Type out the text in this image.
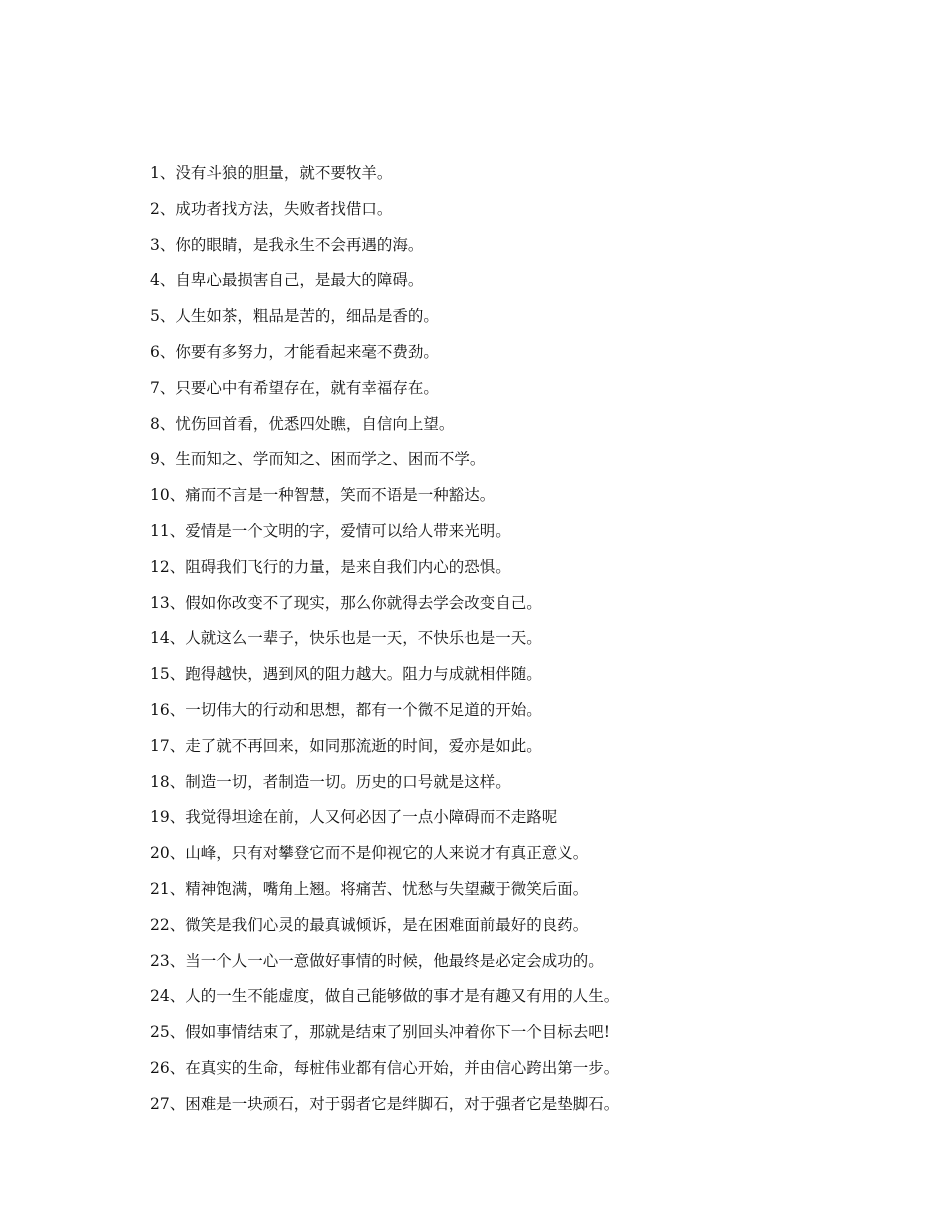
1、没有斗狼的胆量，就不要牧羊。
2、成功者找方法，失败者找借口。
3、你的眼睛，是我永生不会再遇的海。
4、自卑心最损害自己，是最大的障碍。
5、人生如茶，粗品是苦的，细品是香的。
6、你要有多努力，才能看起来毫不费劲。
7、只要心中有希望存在，就有幸福存在。
8、忧伤回首看，优悉四处瞧，自信向上望。
9、生而知之、学而知之、困而学之、困而不学。
10、痛而不言是一种智慧，笑而不语是一种豁达。
11、爱情是一个文明的字，爱情可以给人带来光明。
12、阻碍我们飞行的力量，是来自我们内心的恐惧。
13、假如你改变不了现实，那么你就得去学会改变自己。
14、人就这么一辈子，快乐也是一天，不快乐也是一天。
15、跑得越快，遇到风的阻力越大。阻力与成就相伴随。
16、一切伟大的行动和思想，都有一个微不足道的开始。
17、走了就不再回来，如同那流逝的时间，爱亦是如此。
18、制造一切，者制造一切。历史的口号就是这样。
19、我觉得坦途在前，人又何必因了一点小障碍而不走路呢
20、山峰，只有对攀登它而不是仰视它的人来说才有真正意义。
21、精神饱满，嘴角上翘。将痛苦、忧愁与失望藏于微笑后面。
22、微笑是我们心灵的最真诚倾诉，是在困难面前最好的良药。
23、当一个人一心一意做好事情的时候，他最终是必定会成功的。
24、人的一生不能虚度，做自己能够做的事才是有趣又有用的人生。
25、假如事情结束了，那就是结束了别回头冲着你下一个目标去吧!
26、在真实的生命，每桩伟业都有信心开始，并由信心跨出第一步。
27、困难是一块顽石，对于弱者它是绊脚石，对于强者它是垫脚石。
